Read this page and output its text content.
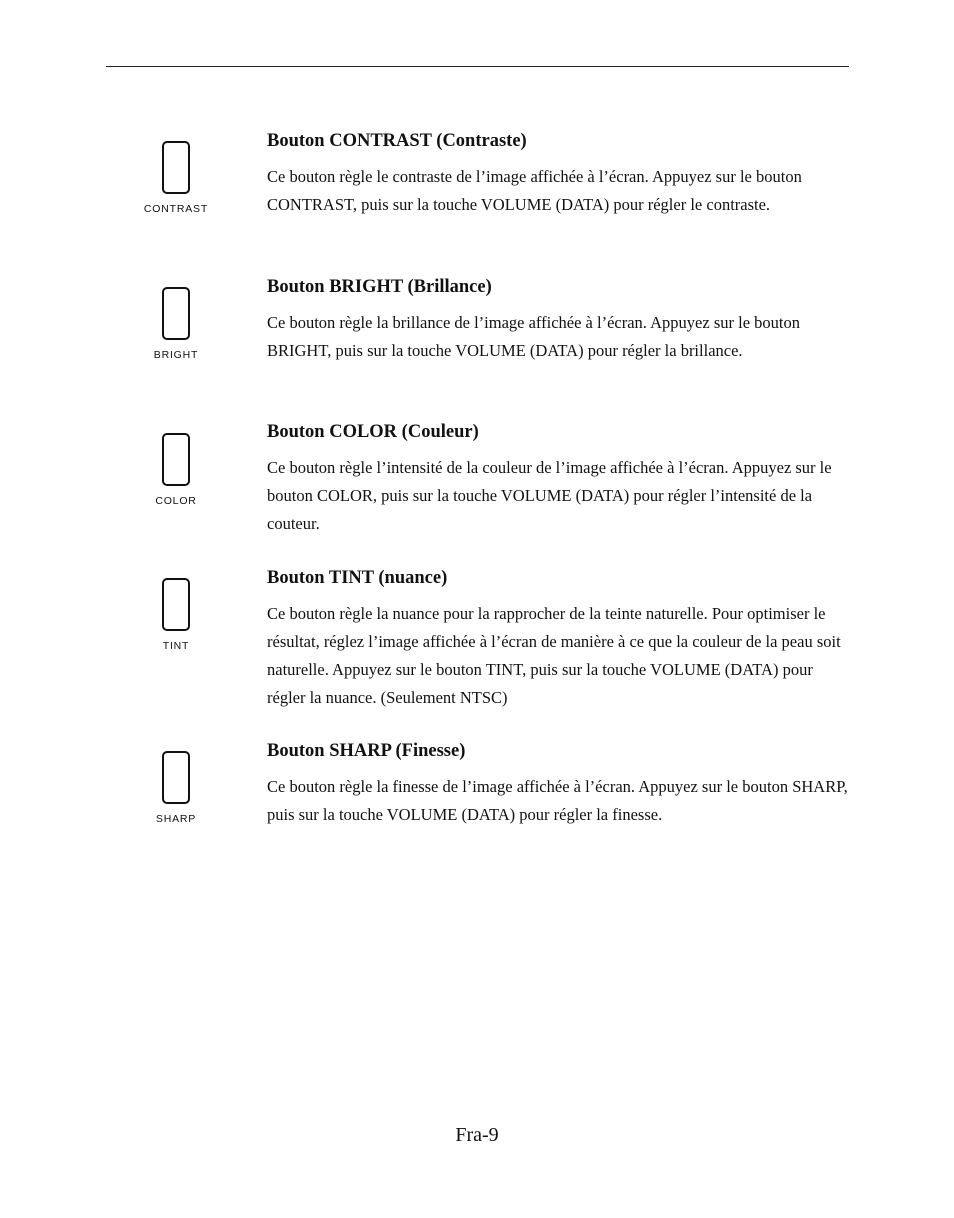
CONTRAST
Bouton CONTRAST (Contraste)

Ce bouton règle le contraste de l’image affichée à l’écran. Appuyez sur le bouton CONTRAST, puis sur la touche VOLUME (DATA) pour régler le contraste.

BRIGHT
Bouton BRIGHT (Brillance)

Ce bouton règle la brillance de l’image affichée à l’écran. Appuyez sur le bouton BRIGHT, puis sur la touche VOLUME (DATA) pour régler la brillance.

COLOR
Bouton COLOR (Couleur)

Ce bouton règle l’intensité de la couleur de l’image affichée à l’écran. Appuyez sur le bouton COLOR, puis sur la touche VOLUME (DATA) pour régler l’intensité de la couteur.

TINT
Bouton TINT (nuance)

Ce bouton règle la nuance pour la rapprocher de la teinte naturelle. Pour optimiser le résultat, réglez l’image affichée à l’écran de manière à ce que la couleur de la peau soit naturelle. Appuyez sur le bouton TINT, puis sur la touche VOLUME (DATA) pour régler la nuance. (Seulement NTSC)

SHARP
Bouton SHARP (Finesse)

Ce bouton règle la finesse de l’image affichée à l’écran. Appuyez sur le bouton SHARP, puis sur la touche VOLUME (DATA) pour régler la finesse.

Fra-9
